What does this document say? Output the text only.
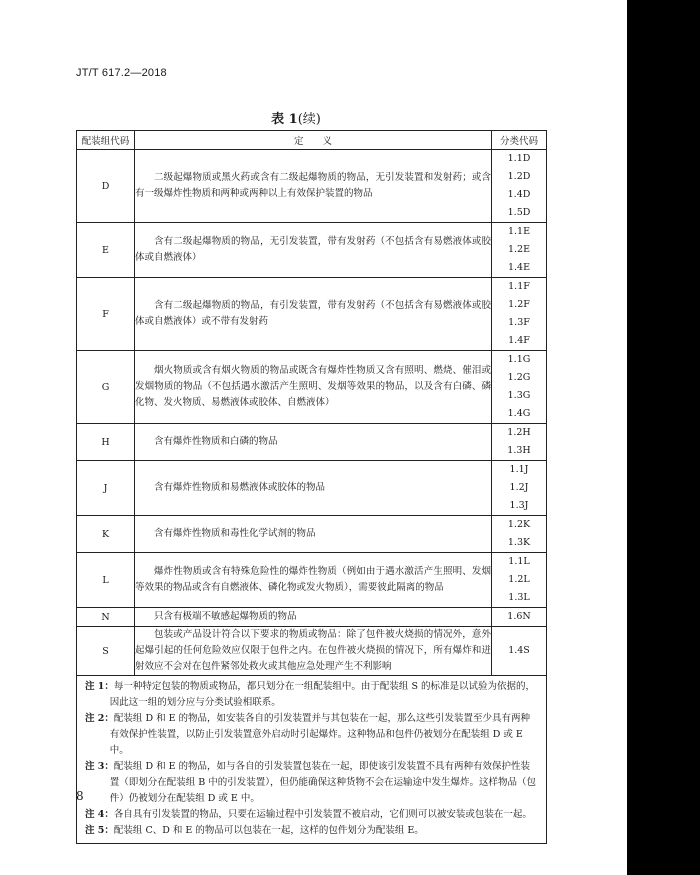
JT/T 617.2—2018
表 1(续)
配装组代码	定　　义	分类代码
D	二级起爆物质或黑火药或含有二级起爆物质的物品，无引发装置和发射药；或含有一级爆炸性物质和两种或两种以上有效保护装置的物品	1.1D
1.2D
1.4D
1.5D

E	含有二级起爆物质的物品，无引发装置，带有发射药（不包括含有易燃液体或胶体或自燃液体）	1.1E
1.2E
1.4E

F	含有二级起爆物质的物品，有引发装置，带有发射药（不包括含有易燃液体或胶体或自燃液体）或不带有发射药	1.1F
1.2F
1.3F
1.4F

G	烟火物质或含有烟火物质的物品或既含有爆炸性物质又含有照明、燃烧、催泪或发烟物质的物品（不包括遇水激活产生照明、发烟等效果的物品，以及含有白磷、磷化物、发火物质、易燃液体或胶体、自燃液体）	1.1G
1.2G
1.3G
1.4G

H	含有爆炸性物质和白磷的物品	1.2H
1.3H

J	含有爆炸性物质和易燃液体或胶体的物品	1.1J
1.2J
1.3J

K	含有爆炸性物质和毒性化学试剂的物品	1.2K
1.3K

L	爆炸性物质或含有特殊危险性的爆炸性物质（例如由于遇水激活产生照明、发烟等效果的物品或含有自燃液体、磷化物或发火物质），需要彼此隔离的物品	1.1L
1.2L
1.3L

N	只含有极端不敏感起爆物质的物品	1.6N

S	包装或产品设计符合以下要求的物质或物品：除了包件被火烧损的情况外，意外起爆引起的任何危险效应仅限于包件之内。在包件被火烧损的情况下，所有爆炸和迸射效应不会对在包件紧邻处救火或其他应急处理产生不利影响	1.4S
注 1：每一种特定包装的物质或物品，都只划分在一组配装组中。由于配装组 S 的标准是以试验为依据的，因此这一组的划分应与分类试验相联系。
注 2：配装组 D 和 E 的物品，如安装各自的引发装置并与其包装在一起，那么这些引发装置至少具有两种有效保护性装置，以防止引发装置意外启动时引起爆炸。这种物品和包件仍被划分在配装组 D 或 E 中。
注 3：配装组 D 和 E 的物品，如与各自的引发装置包装在一起，即使该引发装置不具有两种有效保护性装置（即划分在配装组 B 中的引发装置），但仍能确保这种货物不会在运输途中发生爆炸。这样物品（包件）仍被划分在配装组 D 或 E 中。
注 4：各自具有引发装置的物品，只要在运输过程中引发装置不被启动，它们则可以被安装或包装在一起。
注 5：配装组 C、D 和 E 的物品可以包装在一起，这样的包件划分为配装组 E。
8
